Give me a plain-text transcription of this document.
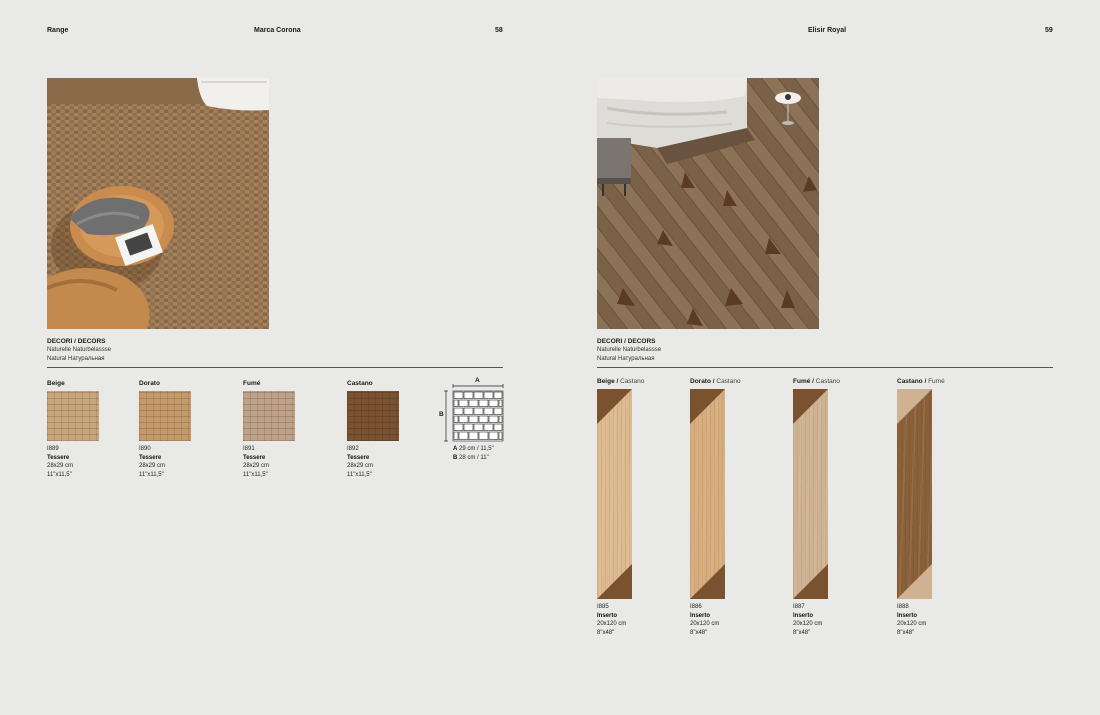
Range	Marca Corona	58
DECORI / DECORS
Naturelle Naturbelassse
Natural Натуральная
Beige
I889
Tessere
28x29 cm
11"x11,5"
Dorato
I890
Tessere
28x29 cm
11"x11,5"
Fumé
I891
Tessere
28x29 cm
11"x11,5"
Castano
I892
Tessere
28x29 cm
11"x11,5"
A
B
A 29 cm / 11,5"
B 28 cm / 11"
Elisir Royal	59
DECORI / DECORS
Naturelle Naturbelassse
Natural Натуральная
Beige / Castano
I885
Inserto
20x120 cm
8"x48"
Dorato / Castano
I886
Inserto
20x120 cm
8"x48"
Fumé / Castano
I887
Inserto
20x120 cm
8"x48"
Castano / Fumé
I888
Inserto
20x120 cm
8"x48"
